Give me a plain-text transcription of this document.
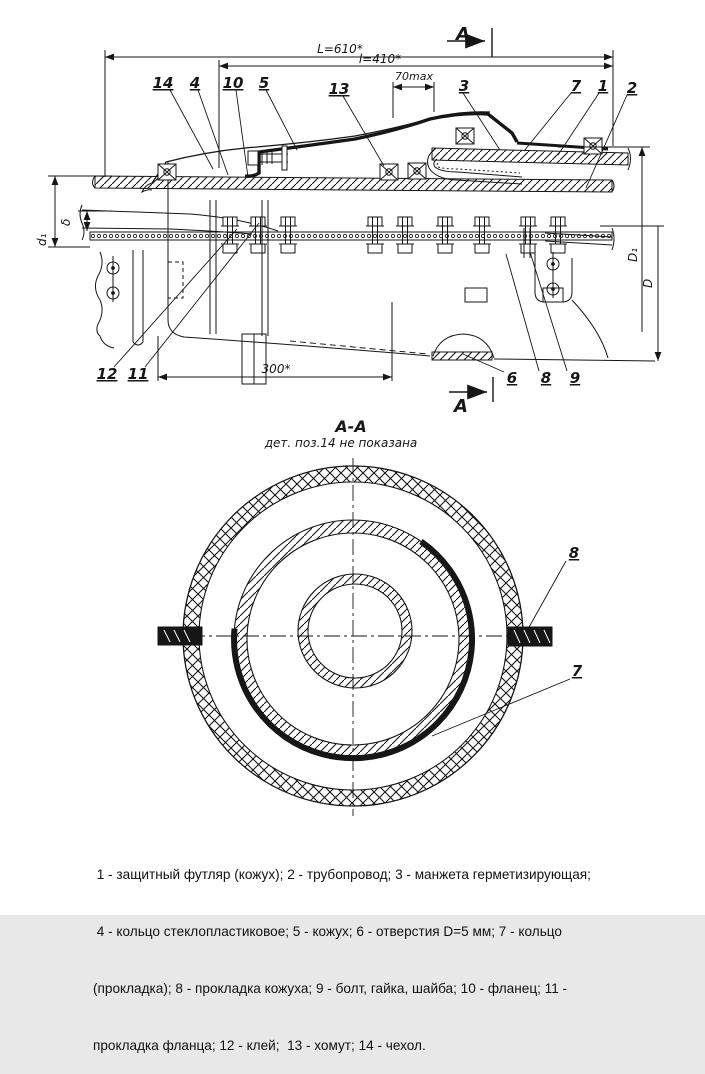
L=610*
l=410*
70max
А
А
d₁
δ
D₁
D
300*
14 4 10 5	13	3	7 1 2
12 11	6 8 9
А-А
дет. поз.14 не показана
8
7

1 - защитный футляр (кожух); 2 - трубопровод; 3 - манжета герметизирующая;

4 - кольцо стеклопластиковое; 5 - кожух; 6 - отверстия D=5 мм; 7 - кольцо

(прокладка); 8 - прокладка кожуха; 9 - болт, гайка, шайба; 10 - фланец; 11 -

прокладка фланца; 12 - клей;  13 - хомут; 14 - чехол.
